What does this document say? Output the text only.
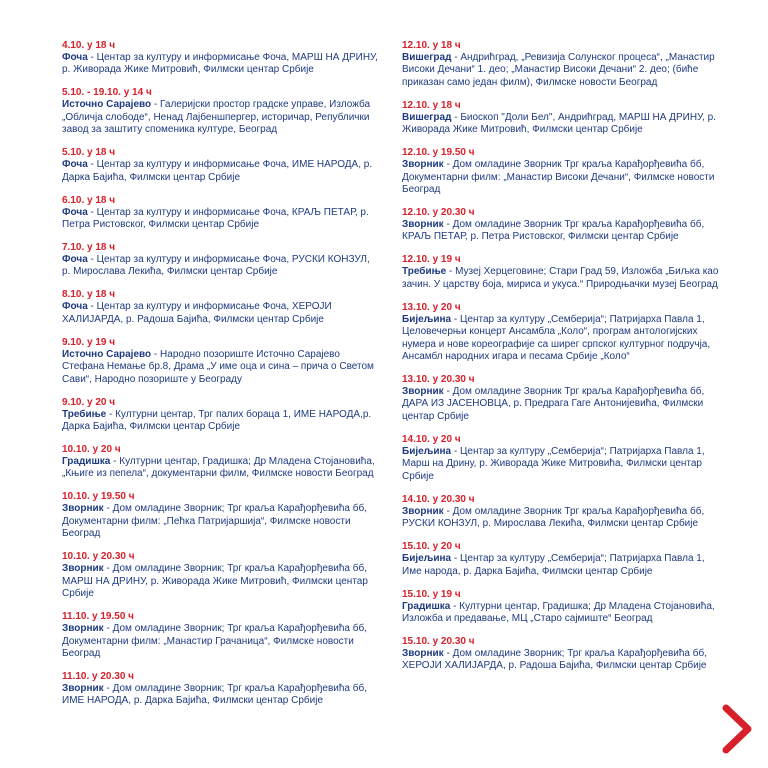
4.10. у 18 ч
Фоча - Центар за културу и информисање Фоча, МАРШ НА ДРИНУ, р. Живорада Жике Митровић, Филмски центар Србије
5.10. - 19.10. у 14 ч
Источно Сарајево - Галеријски простор градске управе, Изложба „Обличја слободе“, Ненад Лајбеншпергер, историчар, Републички завод за заштиту споменика културе, Београд
5.10. у 18 ч
Фоча - Центар за културу и информисање Фоча, ИМЕ НАРОДА, р. Дарка Бајића, Филмски центар Србије
6.10. у 18 ч
Фоча - Центар за културу и информисање Фоча, КРАЉ ПЕТАР, р. Петра Ристовског, Филмски центар Србије
7.10. у 18 ч
Фоча - Центар за културу и информисање Фоча, РУСКИ КОНЗУЛ, р. Мирослава Лекића, Филмски центар Србије
8.10. у 18 ч
Фоча - Центар за културу и информисање Фоча, ХЕРОЈИ ХАЛИЈАРДА, р. Радоша Бајића, Филмски центар Србије
9.10. у 19 ч
Источно Сарајево - Народно позориште Источно Сарајево Стефана Немање бр.8, Драма „У име оца и сина – прича о Светом Сави“, Народно позориште у Београду
9.10. у 20 ч
Требиње - Културни центар, Трг палих бораца 1, ИМЕ НАРОДА,р. Дарка Бајића, Филмски центар Србије
10.10. у 20 ч
Градишка - Културни центар, Градишка; Др Младена Стојановића, „Књиге из пепела“, документарни филм, Филмске новости Београд
10.10. у 19.50 ч
Зворник - Дом омладине Зворник; Трг краља Карађорђевића бб, Документарни филм: „Пећка Патријаршија“, Филмске новости Београд
10.10. у 20.30 ч
Зворник - Дом омладине Зворник; Трг краља Карађорђевића бб, МАРШ НА ДРИНУ, р. Живорада Жике Митровић, Филмски центар Србије
11.10. у 19.50 ч
Зворник - Дом омладине Зворник; Трг краља Карађорђевића бб, Документарни филм: „Манастир Грачаница“, Филмске новости Београд
11.10. у 20.30 ч
Зворник - Дом омладине Зворник; Трг краља Карађорђевића бб, ИМЕ НАРОДА, р. Дарка Бајића, Филмски центар Србије
12.10. у 18 ч
Вишеград - Андрићград, „Ревизија Солунског процеса“, „Манастир Високи Дечани“ 1. део; „Манастир Високи Дечани“ 2. део; (биће приказан само један филм), Филмске новости Београд
12.10. у 18 ч
Вишеград - Биоскоп "Доли Бел", Андрићград, МАРШ НА ДРИНУ, р. Живорада Жике Митровић, Филмски центар Србије
12.10. у 19.50 ч
Зворник - Дом омладине Зворник Трг краља Карађорђевића бб, Документарни филм: „Манастир Високи Дечани“, Филмске новости Београд
12.10. у 20.30 ч
Зворник - Дом омладине Зворник Трг краља Карађорђевића бб, КРАЉ ПЕТАР, р. Петра Ристовског, Филмски центар Србије
12.10. у 19 ч
Требиње - Музеј Херцеговине; Стари Град 59, Изложба „Биљка као зачин. У царству боја, мириса и укуса.“ Природњачки музеј Београд
13.10. у 20 ч
Бијељина - Центар за културу „Семберија“; Патријарха Павла 1, Целовечерњи концерт Ансамбла „Коло“, програм антологијских нумера и нове кореографије са ширег српског културног подручја, Ансамбл народних игара и песама Србије „Коло“
13.10. у 20.30 ч
Зворник - Дом омладине Зворник Трг краља Карађорђевића бб, ДАРА ИЗ ЈАСЕНОВЦА, р. Предрага Гаге Антонијевића, Филмски центар Србије
14.10. у 20 ч
Бијељина - Центар за културу „Семберија“; Патријарха Павла 1, Марш на Дрину, р. Живорада Жике Митровића, Филмски центар Србије
14.10. у 20.30 ч
Зворник - Дом омладине Зворник Трг краља Карађорђевића бб, РУСКИ КОНЗУЛ, р. Мирослава Лекића, Филмски центар Србије
15.10. у 20 ч
Бијељина - Центар за културу „Семберија“; Патријарха Павла 1, Име народа, р. Дарка Бајића, Филмски центар Србије
15.10. у 19 ч
Градишка - Културни центар, Градишка; Др Младена Стојановића, Изложба и предавање, МЦ „Старо сајмиште“ Београд
15.10. у 20.30 ч
Зворник - Дом омладине Зворник; Трг краља Карађорђевића бб, ХЕРОЈИ ХАЛИЈАРДА, р. Радоша Бајића, Филмски центар Србије
